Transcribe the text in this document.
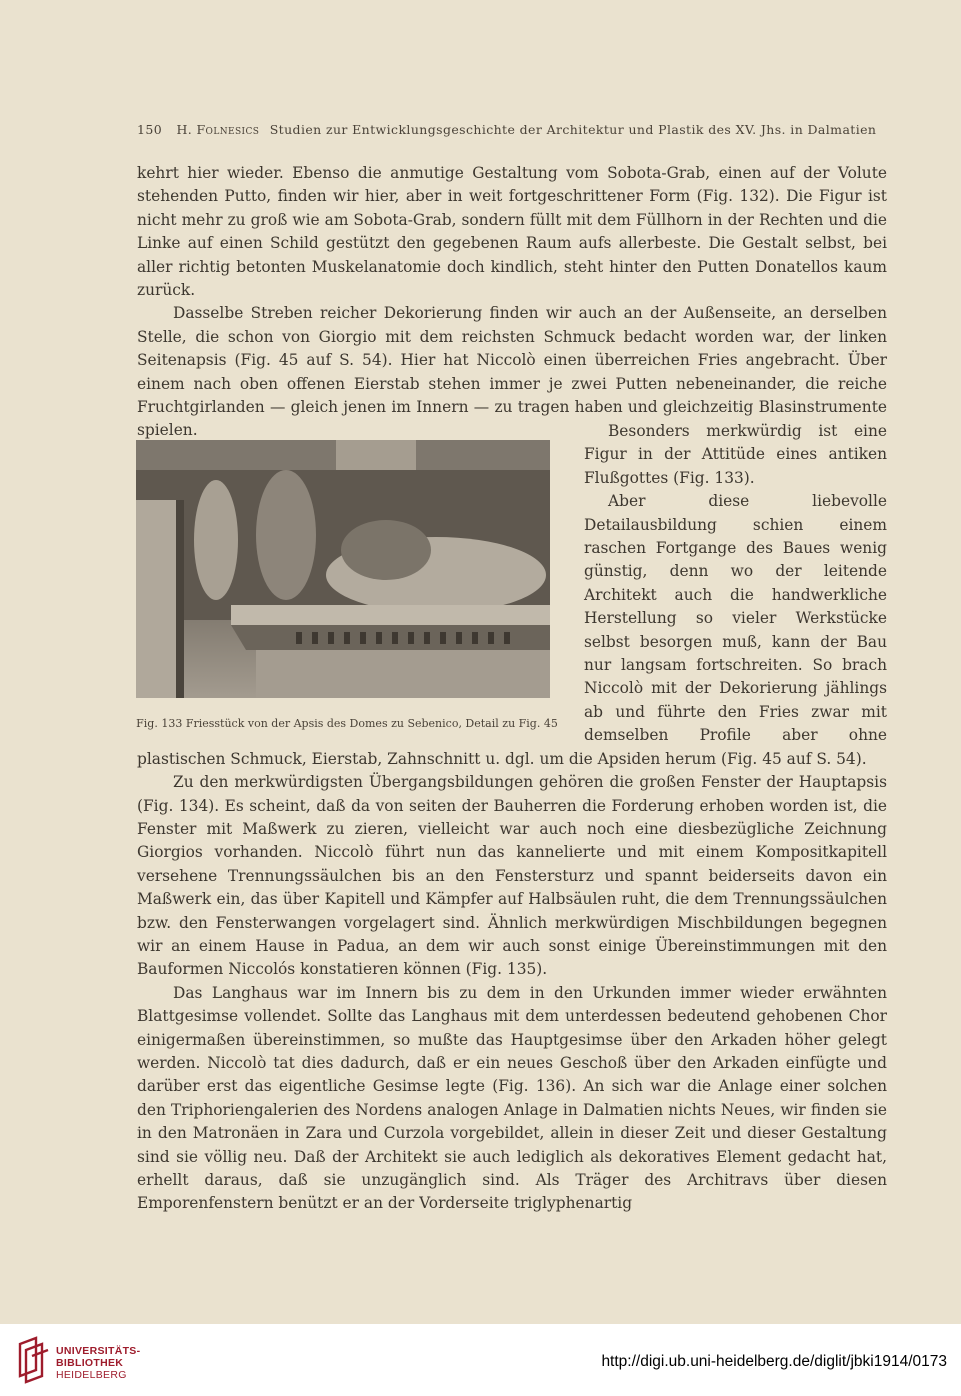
150 H. Folnesics Studien zur Entwicklungsgeschichte der Architektur und Plastik des XV. Jhs. in Dalmatien

kehrt hier wieder. Ebenso die anmutige Gestaltung vom Sobota-Grab, einen auf der Volute stehenden Putto, finden wir hier, aber in weit fortgeschrittener Form (Fig. 132). Die Figur ist nicht mehr zu groß wie am Sobota-Grab, sondern füllt mit dem Füllhorn in der Rechten und die Linke auf einen Schild gestützt den gegebenen Raum aufs allerbeste. Die Gestalt selbst, bei aller richtig betonten Muskelanatomie doch kindlich, steht hinter den Putten Donatellos kaum zurück.

Dasselbe Streben reicher Dekorierung finden wir auch an der Außenseite, an derselben Stelle, die schon von Giorgio mit dem reichsten Schmuck bedacht worden war, der linken Seitenapsis (Fig. 45 auf S. 54). Hier hat Niccolò einen überreichen Fries angebracht. Über einem nach oben offenen Eierstab stehen immer je zwei Putten nebeneinander, die reiche Fruchtgirlanden — gleich jenen im Innern — zu tragen haben und gleichzeitig Blasinstrumente spielen.

Fig. 133 Friesstück von der Apsis des Domes zu Sebenico, Detail zu Fig. 45

Besonders merkwürdig ist eine Figur in der Attitüde eines antiken Flußgottes (Fig. 133).

Aber diese liebevolle Detailausbildung schien einem raschen Fortgange des Baues wenig günstig, denn wo der leitende Architekt auch die handwerkliche Herstellung so vieler Werkstücke selbst besorgen muß, kann der Bau nur langsam fortschreiten. So brach Niccolò mit der Dekorierung jählings ab und führte den Fries zwar mit demselben Profile aber ohne plastischen Schmuck, Eierstab, Zahnschnitt u. dgl. um die Apsiden herum (Fig. 45 auf S. 54).

Zu den merkwürdigsten Übergangsbildungen gehören die großen Fenster der Hauptapsis (Fig. 134). Es scheint, daß da von seiten der Bauherren die Forderung erhoben worden ist, die Fenster mit Maßwerk zu zieren, vielleicht war auch noch eine diesbezügliche Zeichnung Giorgios vorhanden. Niccolò führt nun das kannelierte und mit einem Kompositkapitell versehene Trennungssäulchen bis an den Fenstersturz und spannt beiderseits davon ein Maßwerk ein, das über Kapitell und Kämpfer auf Halbsäulen ruht, die dem Trennungssäulchen bzw. den Fensterwangen vorgelagert sind. Ähnlich merkwürdigen Mischbildungen begegnen wir an einem Hause in Padua, an dem wir auch sonst einige Übereinstimmungen mit den Bauformen Niccolós konstatieren können (Fig. 135).

Das Langhaus war im Innern bis zu dem in den Urkunden immer wieder erwähnten Blattgesimse vollendet. Sollte das Langhaus mit dem unterdessen bedeutend gehobenen Chor einigermaßen übereinstimmen, so mußte das Hauptgesimse über den Arkaden höher gelegt werden. Niccolò tat dies dadurch, daß er ein neues Geschoß über den Arkaden einfügte und darüber erst das eigentliche Gesimse legte (Fig. 136). An sich war die Anlage einer solchen den Triphoriengalerien des Nordens analogen Anlage in Dalmatien nichts Neues, wir finden sie in den Matronäen in Zara und Curzola vorgebildet, allein in dieser Zeit und dieser Gestaltung sind sie völlig neu. Daß der Architekt sie auch lediglich als dekoratives Element gedacht hat, erhellt daraus, daß sie unzugänglich sind. Als Träger des Architravs über diesen Emporenfenstern benützt er an der Vorderseite triglyphenartig

UNIVERSITÄTS-
BIBLIOTHEK
HEIDELBERG
http://digi.ub.uni-heidelberg.de/diglit/jbki1914/0173
